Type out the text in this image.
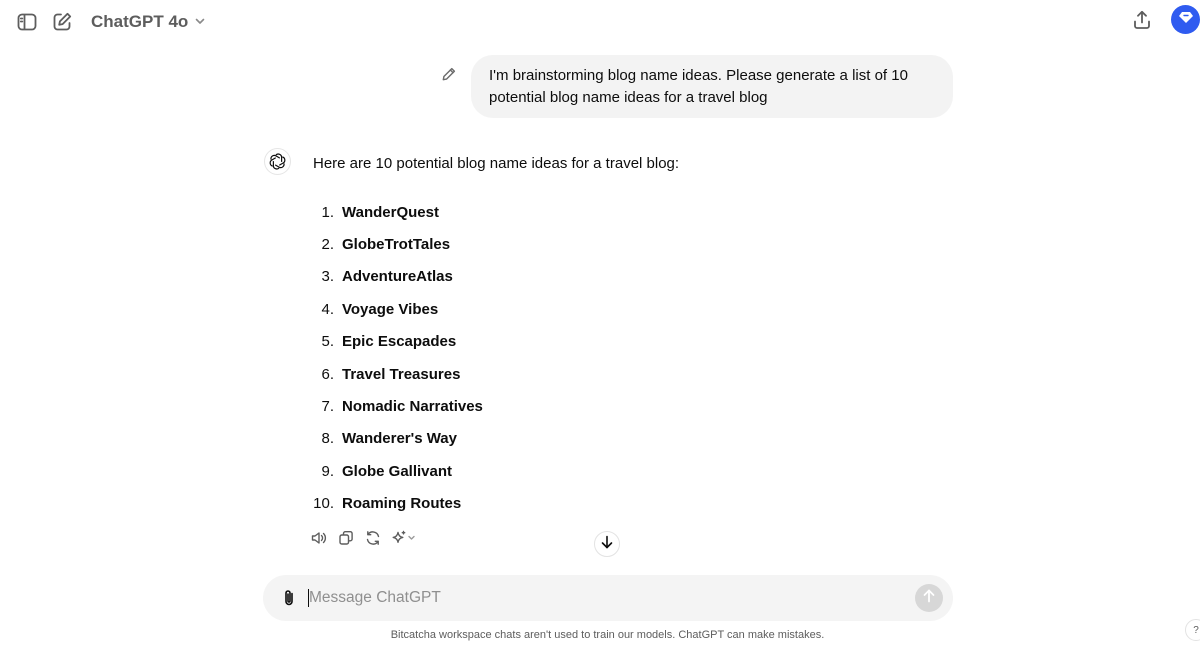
ChatGPT 4o
I'm brainstorming blog name ideas. Please generate a list of 10 potential blog name ideas for a travel blog

Here are 10 potential blog name ideas for a travel blog:

1. WanderQuest
2. GlobeTrotTales
3. AdventureAtlas
4. Voyage Vibes
5. Epic Escapades
6. Travel Treasures
7. Nomadic Narratives
8. Wanderer's Way
9. Globe Gallivant
10. Roaming Routes
Message ChatGPT
Bitcatcha workspace chats aren't used to train our models. ChatGPT can make mistakes.	?
